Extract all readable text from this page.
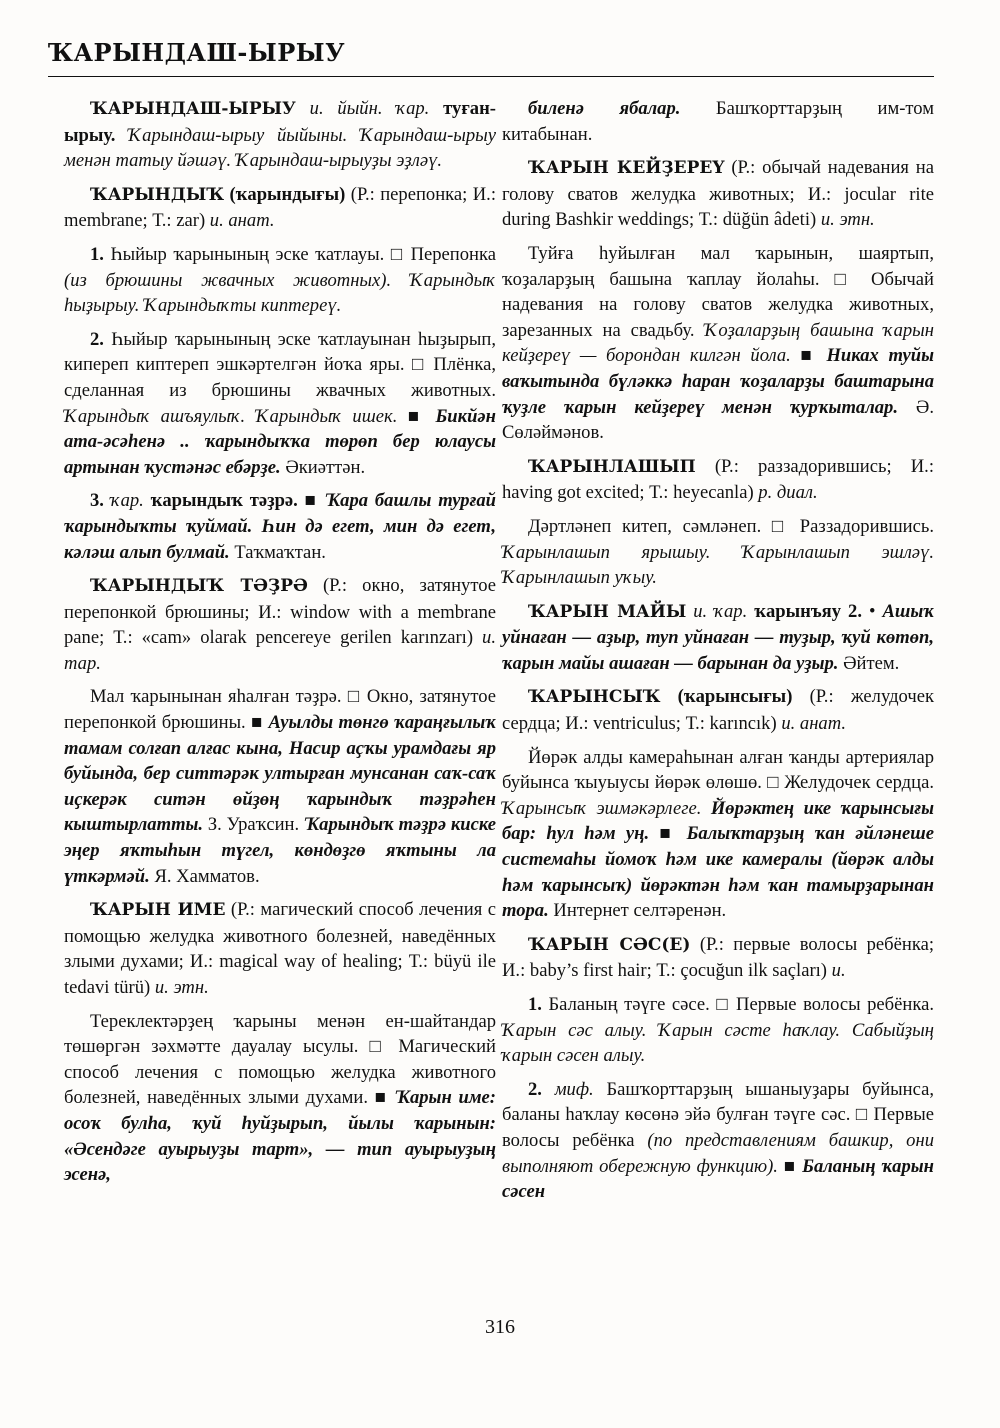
ҠАРЫНДАШ-ЫРЫУ

ҠАРЫНДАШ-ЫРЫУ и. йыйн. ҡар. туған-ырыу. Ҡарындаш-ырыу йыйыны. Ҡарындаш-ырыу менән татыу йәшәү. Ҡарындаш-ырыуҙы эҙләү.

ҠАРЫНДЫҠ (ҡарындығы) (Р.: перепонка; И.: membrane; Т.: zar) и. анат.

1. Һыйыр ҡарынының эске ҡатлауы. □ Перепонка (из брюшины жвачных животных). Ҡарындыҡ һыҙырыу. Ҡарындыҡты киптереү.

2. Һыйыр ҡарынының эске ҡатлауынан һыҙырып, кипереп киптереп эшкәртелгән йоҡа яры. □ Плёнка, сделанная из брюшины жвачных животных. Ҡарындыҡ ашъяулыҡ. Ҡарындыҡ ишек. ■ Бикйән ата-әсәһенә .. ҡарындыҡҡа төрөп бер юлаусы артынан ҡустәнәс ебәрҙе. Әкиәттән.

3. ҡар. ҡарындыҡ тәҙрә. ■ Ҡара башлы турғай ҡарындыҡты ҡуймай. Һин дә егет, мин дә егет, кәләш алып булмай. Таҡмаҡтан.

ҠАРЫНДЫҠ ТӘҘРӘ (Р.: окно, затянутое перепонкой брюшины; И.: window with a membrane pane; Т.: «cam» olarak pencereye gerilen karınzarı) и. тар.

Мал ҡарынынан яһалған тәҙрә. □ Окно, затянутое перепонкой брюшины. ■ Ауылды төнгө ҡараңғылыҡ тамам солғап алғас кына, Насир аҫҡы урамдағы яр буйында, бер ситтәрәк ултырған мунсанан саҡ-саҡ иҫкерәк ситән өйҙөң ҡарындыҡ тәҙрәһен кыштырлатты. З. Ураҡсин. Ҡарындыҡ тәҙрә киске эңер яҡтыһын түгел, көндөҙгө яҡтыны ла үткәрмәй. Я. Хамматов.

ҠАРЫН ИМЕ (Р.: магический способ лечения с помощью желудка животного болезней, наведённых злыми духами; И.: magical way of healing; Т.: büyü ile tedavi türü) и. этн.

Тереклектәрҙең ҡарыны менән ен-шайтандар төшөргән зәхмәтте дауалау ысулы. □ Магический способ лечения с помощью желудка животного болезней, наведённых злыми духами. ■ Ҡарын име: осоҡ булһа, ҡуй һуйҙырып, йылы ҡарынын: «Әсендәге ауырыуҙы тарт», — тип ауырыуҙың эсенә,

биленә ябалар. Башҡорттарҙың им-том китабынан.

ҠАРЫН КЕЙҘЕРЕҮ (Р.: обычай надевания на голову сватов желудка животных; И.: jocular rite during Bashkir weddings; Т.: düğün âdeti) и. этн.

Туйға һуйылған мал ҡарынын, шаяртып, ҡоҙаларҙың башына ҡаплау йолаһы. □ Обычай надевания на голову сватов желудка животных, зарезанных на свадьбу. Ҡоҙаларҙың башына ҡарын кейҙереү — борондан килгән йола. ■ Никах туйы ваҡытында бүләккә һаран ҡоҙаларҙы баштарына ҡуҙле ҡарын кейҙереү менән ҡурҡыталар. Ә. Сөләймәнов.

ҠАРЫНЛАШЫП (Р.: раззадорившись; И.: having got excited; Т.: heyecanla) р. диал.

Дәртләнеп китеп, сәмләнеп. □ Раззадорившись. Ҡарынлашып ярышыу. Ҡарынлашып эшләү. Ҡарынлашып уҡыу.

ҠАРЫН МАЙЫ и. ҡар. ҡарынъяу 2. • Ашыҡ уйнаған — аҙыр, туп уйнаған — туҙыр, ҡуй көтөп, ҡарын майы ашаған — барынан да уҙыр. Әйтем.

ҠАРЫНСЫҠ (ҡарынсығы) (Р.: желудочек сердца; И.: ventriculus; Т.: karıncık) и. анат.

Йөрәк алды камераһынан алған ҡанды артериялар буйынса ҡыуыусы йөрәк өлөшө. □ Желудочек сердца. Ҡарынсыҡ эшмәкәрлеге. Йөрәктең ике ҡарынсығы бар: һул һәм уң. ■ Балыҡтарҙың ҡан әйләнеше системаһы йомоҡ һәм ике камералы (йөрәк алды һәм ҡарынсыҡ) йөрәктән һәм ҡан тамырҙарынан тора. Интернет селтәренән.

ҠАРЫН СӘС(Е) (Р.: первые волосы ребёнка; И.: baby’s first hair; Т.: çocuğun ilk saçları) и.

1. Баланың тәүге сәсе. □ Первые волосы ребёнка. Ҡарын сәс алыу. Ҡарын сәсте һаҡлау. Сабыйҙың ҡарын сәсен алыу.

2. миф. Башҡорттарҙың ышаныуҙары буйынса, баланы һаҡлау көсөнә эйә булған тәүге сәс. □ Первые волосы ребёнка (по представлениям башкир, они выполняют обережную функцию). ■ Баланың ҡарын сәсен

316
